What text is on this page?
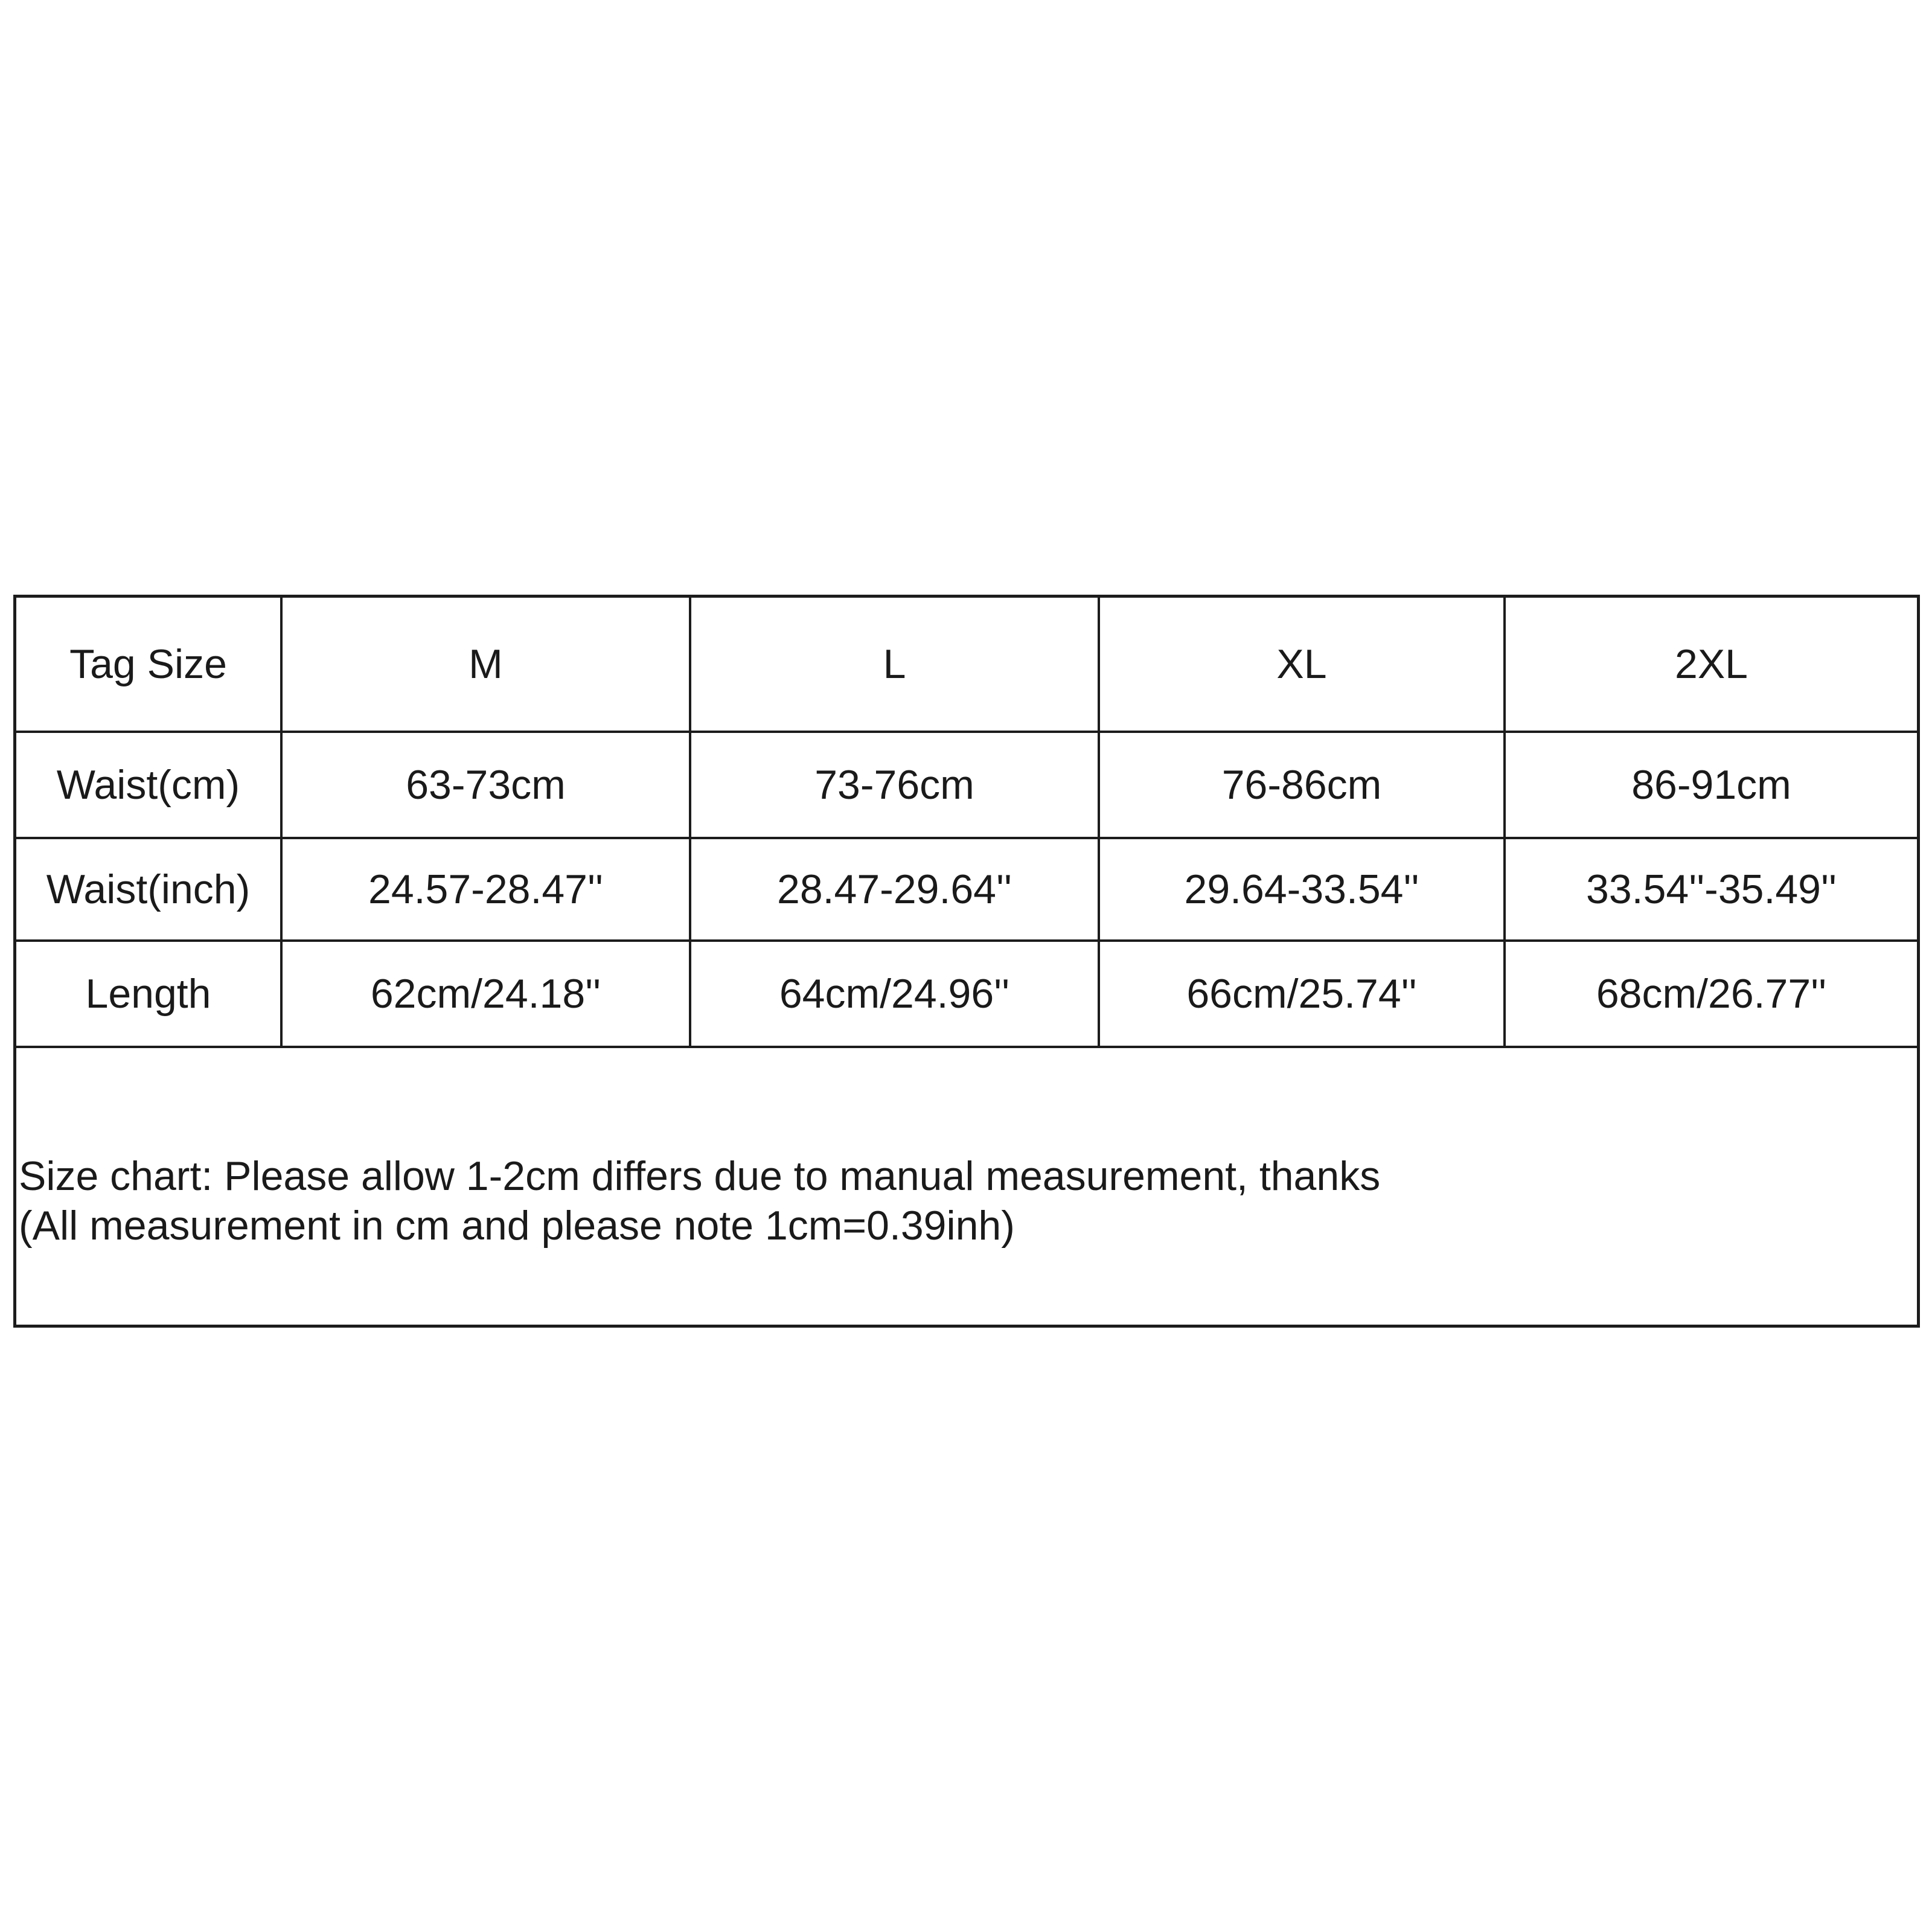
Tag Size	M	L	XL	2XL
Waist(cm)	63-73cm	73-76cm	76-86cm	86-91cm
Waist(inch)	24.57-28.47''	28.47-29.64''	29.64-33.54''	33.54''-35.49''
Length	62cm/24.18''	64cm/24.96''	66cm/25.74''	68cm/26.77''
Size chart: Please allow 1-2cm differs due to manual measurement, thanks
(All measurement in cm and please note 1cm=0.39inh)
